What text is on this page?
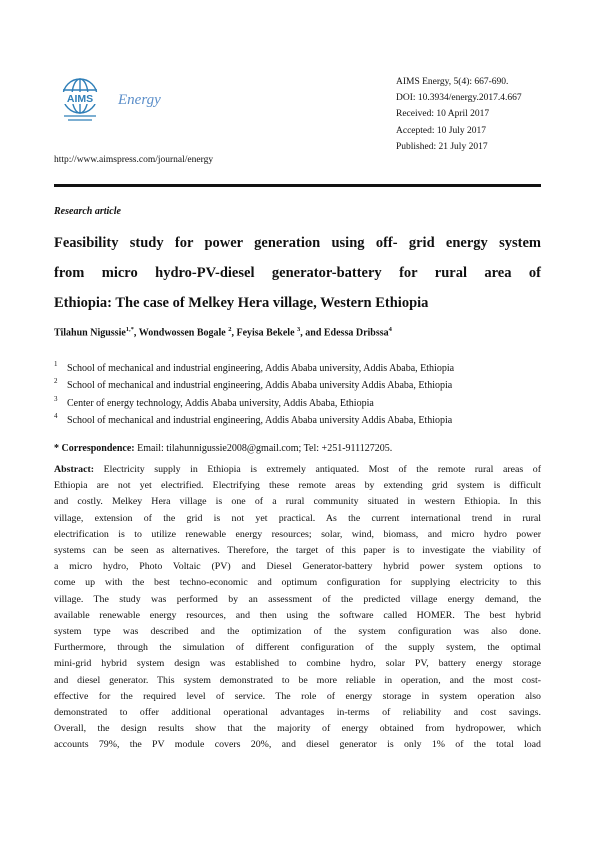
AIMS Energy
AIMS Energy, 5(4): 667-690.
DOI: 10.3934/energy.2017.4.667
Received: 10 April 2017
Accepted: 10 July 2017
Published: 21 July 2017
http://www.aimspress.com/journal/energy
Research article
Feasibility study for power generation using off- grid energy system
from micro hydro-PV-diesel generator-battery for rural area of
Ethiopia: The case of Melkey Hera village, Western Ethiopia
Tilahun Nigussie$^{1,*}$, Wondwossen Bogale $^2$, Feyisa Bekele $^3$, and Edessa Dribssa$^4$
1 School of mechanical and industrial engineering, Addis Ababa university, Addis Ababa, Ethiopia
2 School of mechanical and industrial engineering, Addis Ababa university Addis Ababa, Ethiopia
3 Center of energy technology, Addis Ababa university, Addis Ababa, Ethiopia
4 School of mechanical and industrial engineering, Addis Ababa university Addis Ababa, Ethiopia
* Correspondence: Email: tilahunnigussie2008@gmail.com; Tel: +251-911127205.
Abstract: Electricity supply in Ethiopia is extremely antiquated. Most of the remote rural areas of
Ethiopia are not yet electrified. Electrifying these remote areas by extending grid system is difficult
and costly. Melkey Hera village is one of a rural community situated in western Ethiopia. In this
village, extension of the grid is not yet practical. As the current international trend in rural
electrification is to utilize renewable energy resources; solar, wind, biomass, and micro hydro power
systems can be seen as alternatives. Therefore, the target of this paper is to investigate the viability of
a micro hydro, Photo Voltaic (PV) and Diesel Generator-battery hybrid power system options to
come up with the best techno-economic and optimum configuration for supplying electricity to this
village. The study was performed by an assessment of the predicted village energy demand, the
available renewable energy resources, and then using the software called HOMER. The best hybrid
system type was described and the optimization of the system configuration was also done.
Furthermore, through the simulation of different configuration of the supply system, the optimal
mini-grid hybrid system design was established to combine hydro, solar PV, battery energy storage
and diesel generator. This system demonstrated to be more reliable in operation, and the most cost-
effective for the required level of service. The role of energy storage in system operation also
demonstrated to offer additional operational advantages in-terms of reliability and cost savings.
Overall, the design results show that the majority of energy obtained from hydropower, which
accounts 79%, the PV module covers 20%, and diesel generator is only 1% of the total load
